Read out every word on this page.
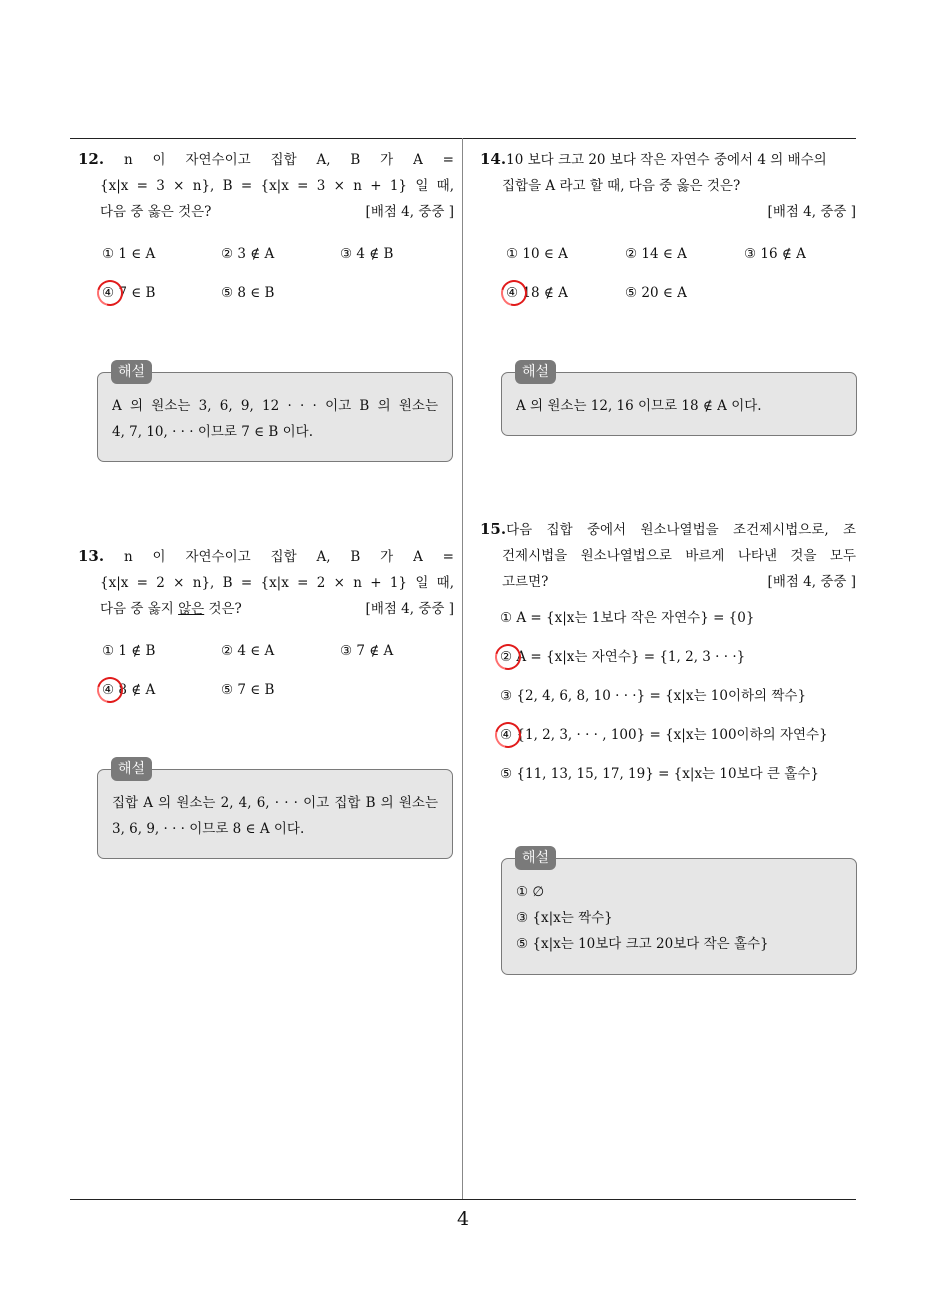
12. n 이 자연수이고 집합 A, B 가 A =
{x|x = 3 × n}, B = {x|x = 3 × n + 1} 일 때,
다음 중 옳은 것은?	[배점 4, 중중 ]
① 1 ∈ A	② 3 ∉ A	③ 4 ∉ B
④ 7 ∈ B	⑤ 8 ∈ B
해설
A 의 원소는 3, 6, 9, 12 · · · 이고 B 의 원소는
4, 7, 10, · · · 이므로 7 ∈ B 이다.
13. n 이 자연수이고 집합 A, B 가 A =
{x|x = 2 × n}, B = {x|x = 2 × n + 1} 일 때,
다음 중 옳지 않은 것은?	[배점 4, 중중 ]
① 1 ∉ B	② 4 ∈ A	③ 7 ∉ A
④ 8 ∉ A	⑤ 7 ∈ B
해설
집합 A 의 원소는 2, 4, 6, · · · 이고 집합 B 의 원소는
3, 6, 9, · · · 이므로 8 ∈ A 이다.
14.10 보다 크고 20 보다 작은 자연수 중에서 4 의 배수의
집합을 A 라고 할 때, 다음 중 옳은 것은?
[배점 4, 중중 ]
① 10 ∈ A	② 14 ∈ A	③ 16 ∉ A
④ 18 ∉ A	⑤ 20 ∈ A
해설
A 의 원소는 12, 16 이므로 18 ∉ A 이다.
15.다음 집합 중에서 원소나열법을 조건제시법으로, 조
건제시법을 원소나열법으로 바르게 나타낸 것을 모두
고르면?	[배점 4, 중중 ]
① A = {x|x는 1보다 작은 자연수} = {0}
② A = {x|x는 자연수} = {1, 2, 3 · · ·}
③ {2, 4, 6, 8, 10 · · ·} = {x|x는 10이하의 짝수}
④ {1, 2, 3, · · · , 100} = {x|x는 100이하의 자연수}
⑤ {11, 13, 15, 17, 19} = {x|x는 10보다 큰 홀수}
해설
① ∅
③ {x|x는 짝수}
⑤ {x|x는 10보다 크고 20보다 작은 홀수}
4
